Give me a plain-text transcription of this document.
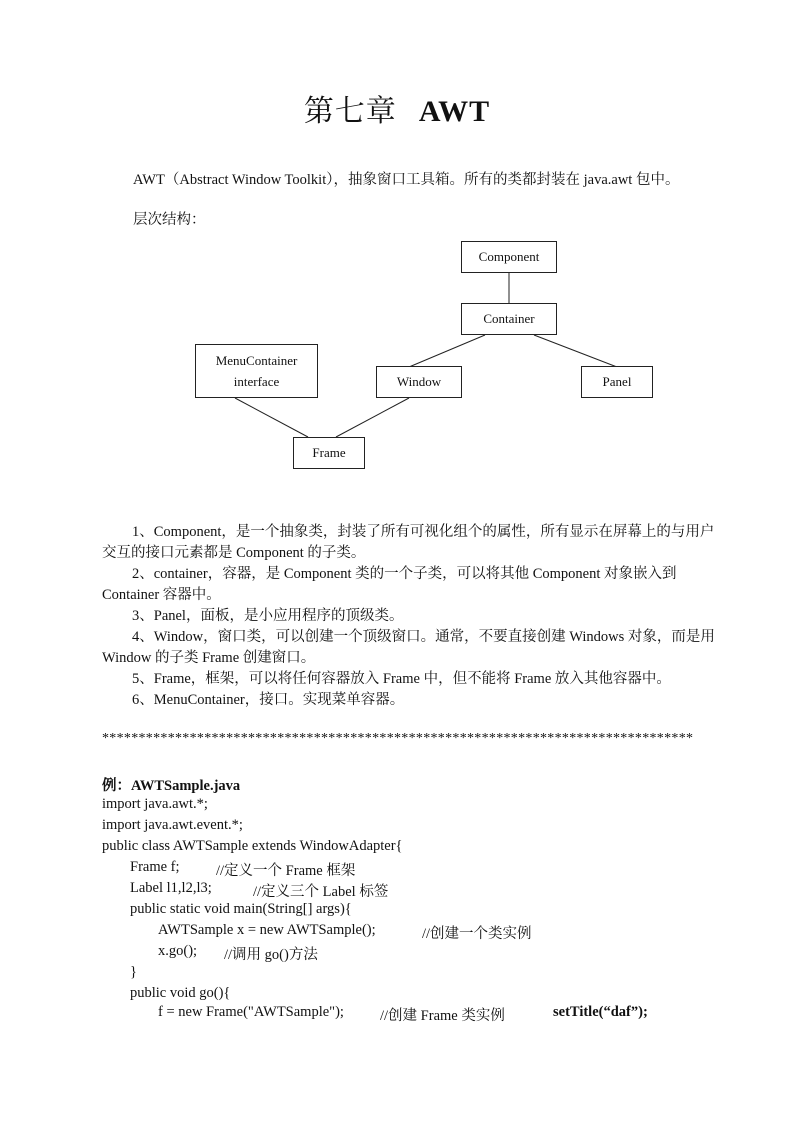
第七章 AWT
AWT（Abstract Window Toolkit），抽象窗口工具箱。所有的类都封装在 java.awt 包中。
层次结构：
Component
Container
MenuContainer
interface	Window	Panel
Frame
1、Component，是一个抽象类，封装了所有可视化组个的属性，所有显示在屏幕上的与用户交互的接口元素都是 Component 的子类。
2、container，容器，是 Component 类的一个子类，可以将其他 Component 对象嵌入到 Container 容器中。
3、Panel，面板，是小应用程序的顶级类。
4、Window，窗口类，可以创建一个顶级窗口。通常，不要直接创建 Windows 对象，而是用 Window 的子类 Frame 创建窗口。
5、Frame，框架，可以将任何容器放入 Frame 中，但不能将 Frame 放入其他容器中。
6、MenuContainer，接口。实现菜单容器。
*********************************************************************************
例：AWTSample.java
import java.awt.*;
import java.awt.event.*;
public class AWTSample extends WindowAdapter{
Frame f;	//定义一个 Frame 框架
Label l1,l2,l3;	//定义三个 Label 标签
public static void main(String[] args){
AWTSample x = new AWTSample();	//创建一个类实例
x.go(); //调用 go()方法
}
public void go(){
f = new Frame("AWTSample"); //创建 Frame 类实例	setTitle(“daf”);
